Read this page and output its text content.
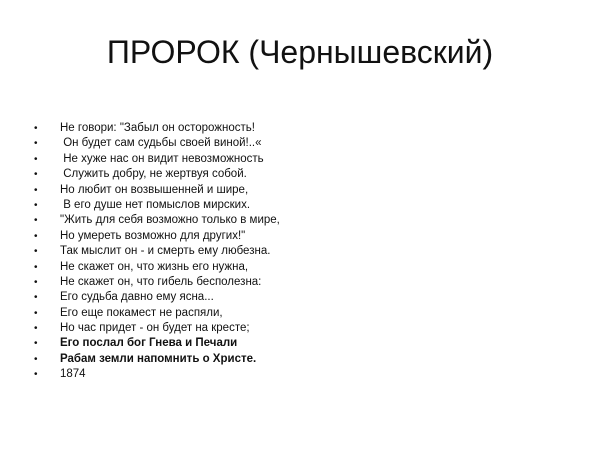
ПРОРОК (Чернышевский)
•	Не говори: "Забыл он осторожность!
•	Он будет сам судьбы своей виной!..«
•	Не хуже нас он видит невозможность
•	Служить добру, не жертвуя собой.
•	Но любит он возвышенней и шире,
•	В его душе нет помыслов мирских.
•	"Жить для себя возможно только в мире,
•	Но умереть возможно для других!"
•	Так мыслит он - и смерть ему любезна.
•	Не скажет он, что жизнь его нужна,
•	Не скажет он, что гибель бесполезна:
•	Его судьба давно ему ясна...
•	Его еще покамест не распяли,
•	Но час придет - он будет на кресте;
•	Его послал бог Гнева и Печали
•	Рабам земли напомнить о Христе.
•	1874
